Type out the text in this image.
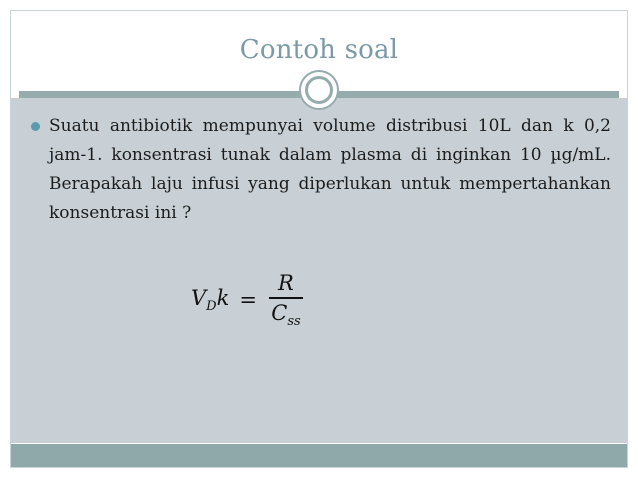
Contoh soal
Suatu antibiotik mempunyai volume distribusi 10L dan k 0,2 jam-1. konsentrasi tunak dalam plasma di inginkan 10 µg/mL. Berapakah laju infusi yang diperlukan untuk mempertahankan konsentrasi ini ?
$V_Dk = \frac{R}{C_{ss}}$
